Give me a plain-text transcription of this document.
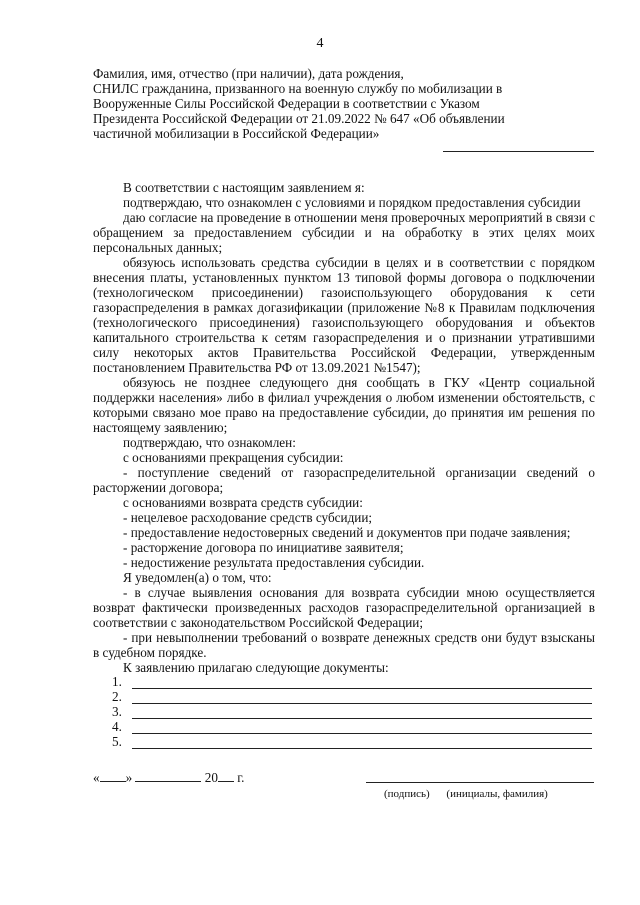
4
Фамилия, имя, отчество (при наличии), дата рождения,
СНИЛС гражданина, призванного на военную службу по мобилизации в
Вооруженные Силы Российской Федерации в соответствии с Указом
Президента Российской Федерации от 21.09.2022 № 647 «Об объявлении
частичной мобилизации в Российской Федерации»

В соответствии с настоящим заявлением я:

подтверждаю, что ознакомлен с условиями и порядком предоставления субсидии

даю согласие на проведение в отношении меня проверочных мероприятий в связи с обращением за предоставлением субсидии и на обработку в этих целях моих персональных данных;

обязуюсь использовать средства субсидии в целях и в соответствии с порядком внесения платы, установленных пунктом 13 типовой формы договора о подключении (технологическом присоединении) газоиспользующего оборудования к сети газораспределения в рамках догазификации (приложение №8 к Правилам подключения (технологического присоединения) газоиспользующего оборудования и объектов капитального строительства к сетям газораспределения и о признании утратившими силу некоторых актов Правительства Российской Федерации, утвержденным постановлением Правительства РФ от 13.09.2021 №1547);

обязуюсь не позднее следующего дня сообщать в ГКУ «Центр социальной поддержки населения» либо в филиал учреждения о любом изменении обстоятельств, с которыми связано мое право на предоставление субсидии, до принятия им решения по настоящему заявлению;

подтверждаю, что ознакомлен:

с основаниями прекращения субсидии:

- поступление сведений от газораспределительной организации сведений о расторжении договора;

с основаниями возврата средств субсидии:

- нецелевое расходование средств субсидии;

- предоставление недостоверных сведений и документов при подаче заявления;

- расторжение договора по инициативе заявителя;

- недостижение результата предоставления субсидии.

Я уведомлен(а) о том, что:

- в случае выявления основания для возврата субсидии мною осуществляется возврат фактически произведенных расходов газораспределительной организацией в соответствии с законодательством Российской Федерации;

- при невыполнении требований о возврате денежных средств они будут взысканы в судебном порядке.

К заявлению прилагаю следующие документы:

1.
2.
3.
4.
5.
« »	20 г.
(подпись) (инициалы, фамилия)
